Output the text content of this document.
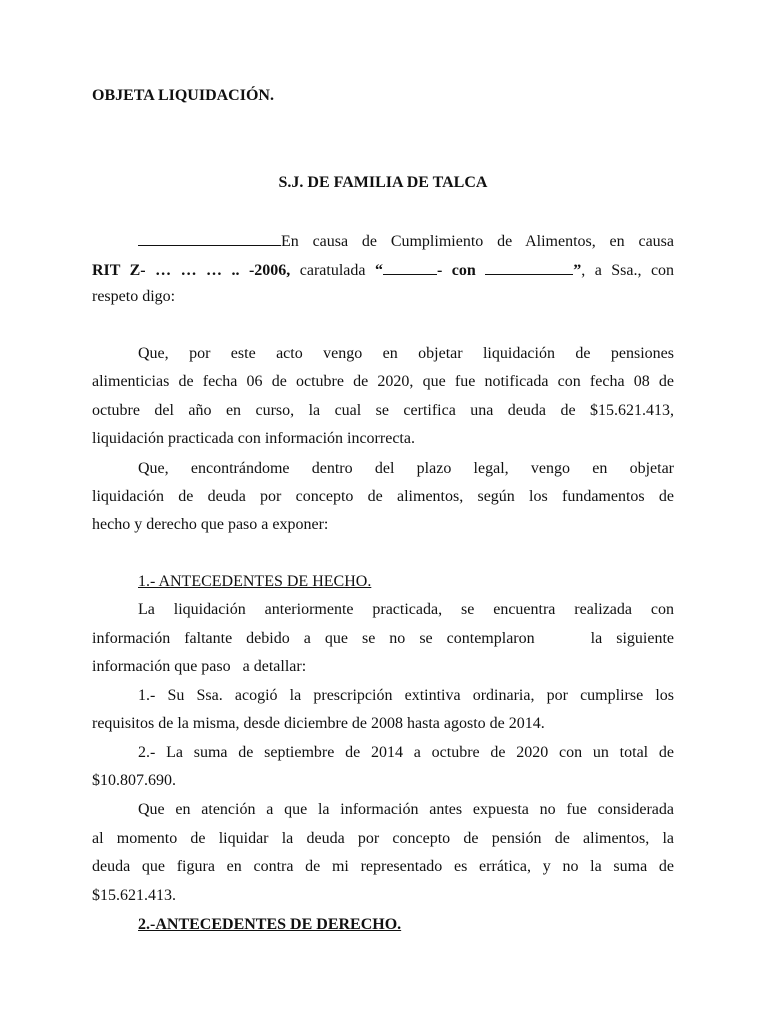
OBJETA LIQUIDACIÓN.
S.J. DE FAMILIA DE TALCA
En causa de Cumplimiento de Alimentos, en causa
RIT Z- … … … .. -2006, caratulada “	- con	”, a Ssa., con
respeto digo:
Que, por este acto vengo en objetar liquidación de pensiones
alimenticias de fecha 06 de octubre de 2020, que fue notificada con fecha 08 de
octubre del año en curso, la cual se certifica una deuda de $15.621.413,
liquidación practicada con información incorrecta.
Que, encontrándome dentro del plazo legal, vengo en objetar
liquidación de deuda por concepto de alimentos, según los fundamentos de
hecho y derecho que paso a exponer:
1.- ANTECEDENTES DE HECHO.
La liquidación anteriormente practicada, se encuentra realizada con
información faltante debido a que se no se contemplaron    la siguiente
información que paso   a detallar:
1.- Su Ssa. acogió la prescripción extintiva ordinaria, por cumplirse los
requisitos de la misma, desde diciembre de 2008 hasta agosto de 2014.
2.- La suma de septiembre de 2014 a octubre de 2020 con un total de
$10.807.690.
Que en atención a que la información antes expuesta no fue considerada
al momento de liquidar la deuda por concepto de pensión de alimentos, la
deuda que figura en contra de mi representado es errática, y no la suma de
$15.621.413.
2.-ANTECEDENTES DE DERECHO.
